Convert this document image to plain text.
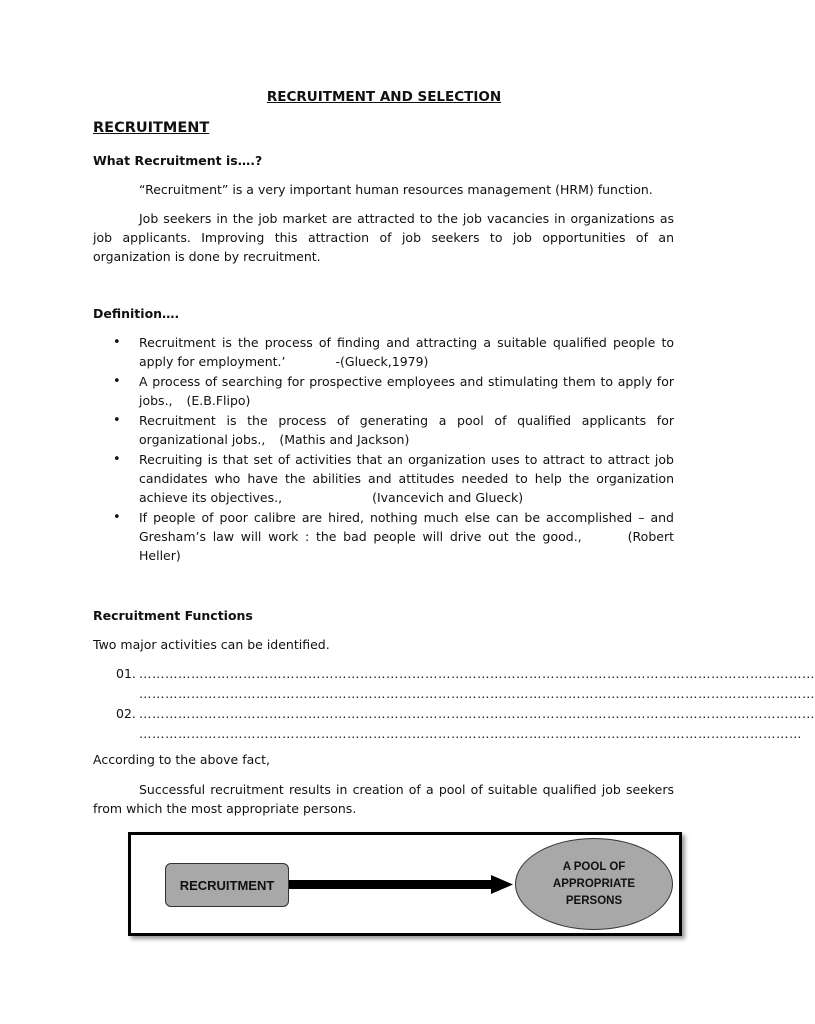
RECRUITMENT AND SELECTION
RECRUITMENT
What Recruitment is….?
“Recruitment” is a very important human resources management (HRM) function.
Job seekers in the job market are attracted to the job vacancies in organizations as job applicants. Improving this attraction of job seekers to job opportunities of an organization is done by recruitment.
Definition….
• Recruitment is the process of finding and attracting a suitable qualified people to apply for employment.’	-(Glueck,1979)
• A process of searching for prospective employees and stimulating them to apply for jobs., (E.B.Flipo)
• Recruitment is the process of generating a pool of qualified applicants for organizational jobs., (Mathis and Jackson)
• Recruiting is that set of activities that an organization uses to attract to attract job candidates who have the abilities and attitudes needed to help the organization achieve its objectives.,	(Ivancevich and Glueck)
• If people of poor calibre are hired, nothing much else can be accomplished – and Gresham’s law will work : the bad people will drive out the good.,	(Robert Heller)
Recruitment Functions
Two major activities can be identified.
01. …………………………………………………………………………………………………………………………………………
…………………………………………………………………………………………………………………………………………
02. …………………………………………………………………………………………………………………………………………
………………………………………………………………………………………………………………………………………
According to the above fact,
Successful recruitment results in creation of a pool of suitable qualified job seekers from which the most appropriate persons.
RECRUITMENT
A POOL OF
APPROPRIATE
PERSONS
